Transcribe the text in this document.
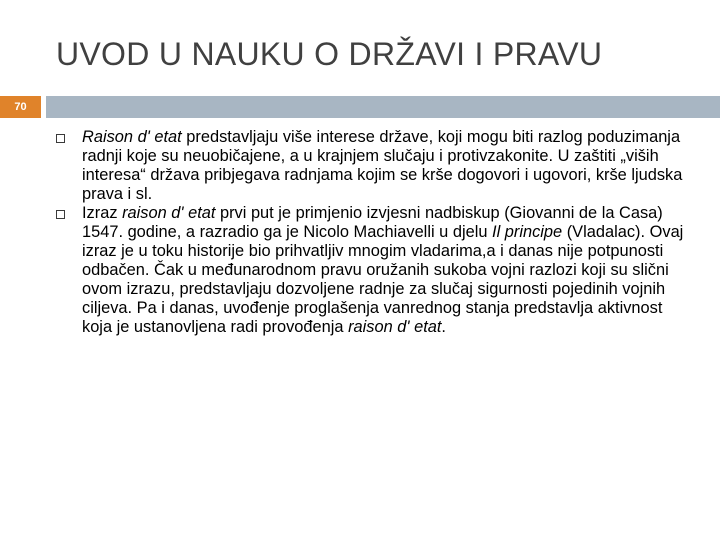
UVOD U NAUKU O DRŽAVI I PRAVU
70
Raison d' etat predstavljaju više interese države, koji mogu biti razlog poduzimanja radnji koje su neuobičajene, a u krajnjem slučaju i protivzakonite. U zaštiti „viših interesa“ država pribjegava radnjama kojim se krše dogovori i ugovori, krše ljudska prava i sl.
Izraz raison d' etat prvi put je primjenio izvjesni nadbiskup (Giovanni de la Casa) 1547. godine, a razradio ga je Nicolo Machiavelli u djelu Il principe (Vladalac). Ovaj izraz je u toku historije bio prihvatljiv mnogim vladarima,a i danas nije potpunosti odbačen. Čak u međunarodnom pravu oružanih sukoba vojni razlozi koji su slični ovom izrazu, predstavljaju dozvoljene radnje za slučaj sigurnosti pojedinih vojnih ciljeva. Pa i danas, uvođenje proglašenja vanrednog stanja predstavlja aktivnost koja je ustanovljena radi provođenja raison d' etat.
